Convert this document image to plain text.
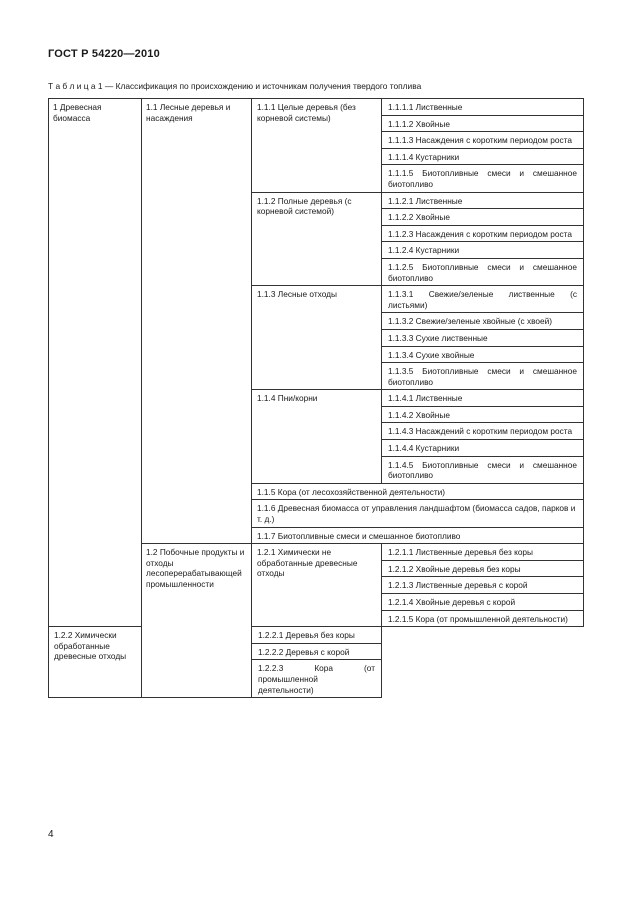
ГОСТ Р 54220—2010
Т а б л и ц а 1 — Классификация по происхождению и источникам получения твердого топлива
1 Древесная биомасса	1.1 Лесные деревья и насаждения	1.1.1 Целые деревья (без корневой системы)	1.1.1.1 Лиственные
			1.1.1.2 Хвойные
			1.1.1.3 Насаждения с коротким периодом роста
			1.1.1.4 Кустарники
			1.1.1.5 Биотопливные смеси и смешанное биотопливо
		1.1.2 Полные деревья (с корневой системой)	1.1.2.1 Лиственные
			1.1.2.2 Хвойные
			1.1.2.3 Насаждения с коротким периодом роста
			1.1.2.4 Кустарники
			1.1.2.5 Биотопливные смеси и смешанное биотопливо
		1.1.3 Лесные отходы	1.1.3.1 Свежие/зеленые лиственные (с листьями)
			1.1.3.2 Свежие/зеленые хвойные (с хвоей)
			1.1.3.3 Сухие лиственные
			1.1.3.4 Сухие хвойные
			1.1.3.5 Биотопливные смеси и смешанное биотопливо
		1.1.4 Пни/корни	1.1.4.1 Лиственные
			1.1.4.2 Хвойные
			1.1.4.3 Насаждений с коротким периодом роста
			1.1.4.4 Кустарники
			1.1.4.5 Биотопливные смеси и смешанное биотопливо
		1.1.5 Кора (от лесохозяйственной деятельности)	
		1.1.6 Древесная биомасса от управления ландшафтом (биомасса садов, парков и т. д.)	
		1.1.7 Биотопливные смеси и смешанное биотопливо	
	1.2 Побочные продукты и отходы лесоперерабатывающей промышленности	1.2.1 Химически не обработанные древесные отходы	1.2.1.1 Лиственные деревья без коры
			1.2.1.2 Хвойные деревья без коры
			1.2.1.3 Лиственные деревья с корой
			1.2.1.4 Хвойные деревья с корой
			1.2.1.5 Кора (от промышленной деятельности)
1.2.2 Химически обработанные древесные отходы		1.2.2.1 Деревья без коры	
		1.2.2.2 Деревья с корой	
		1.2.2.3 Кора (от промышленной деятельности)	
4
